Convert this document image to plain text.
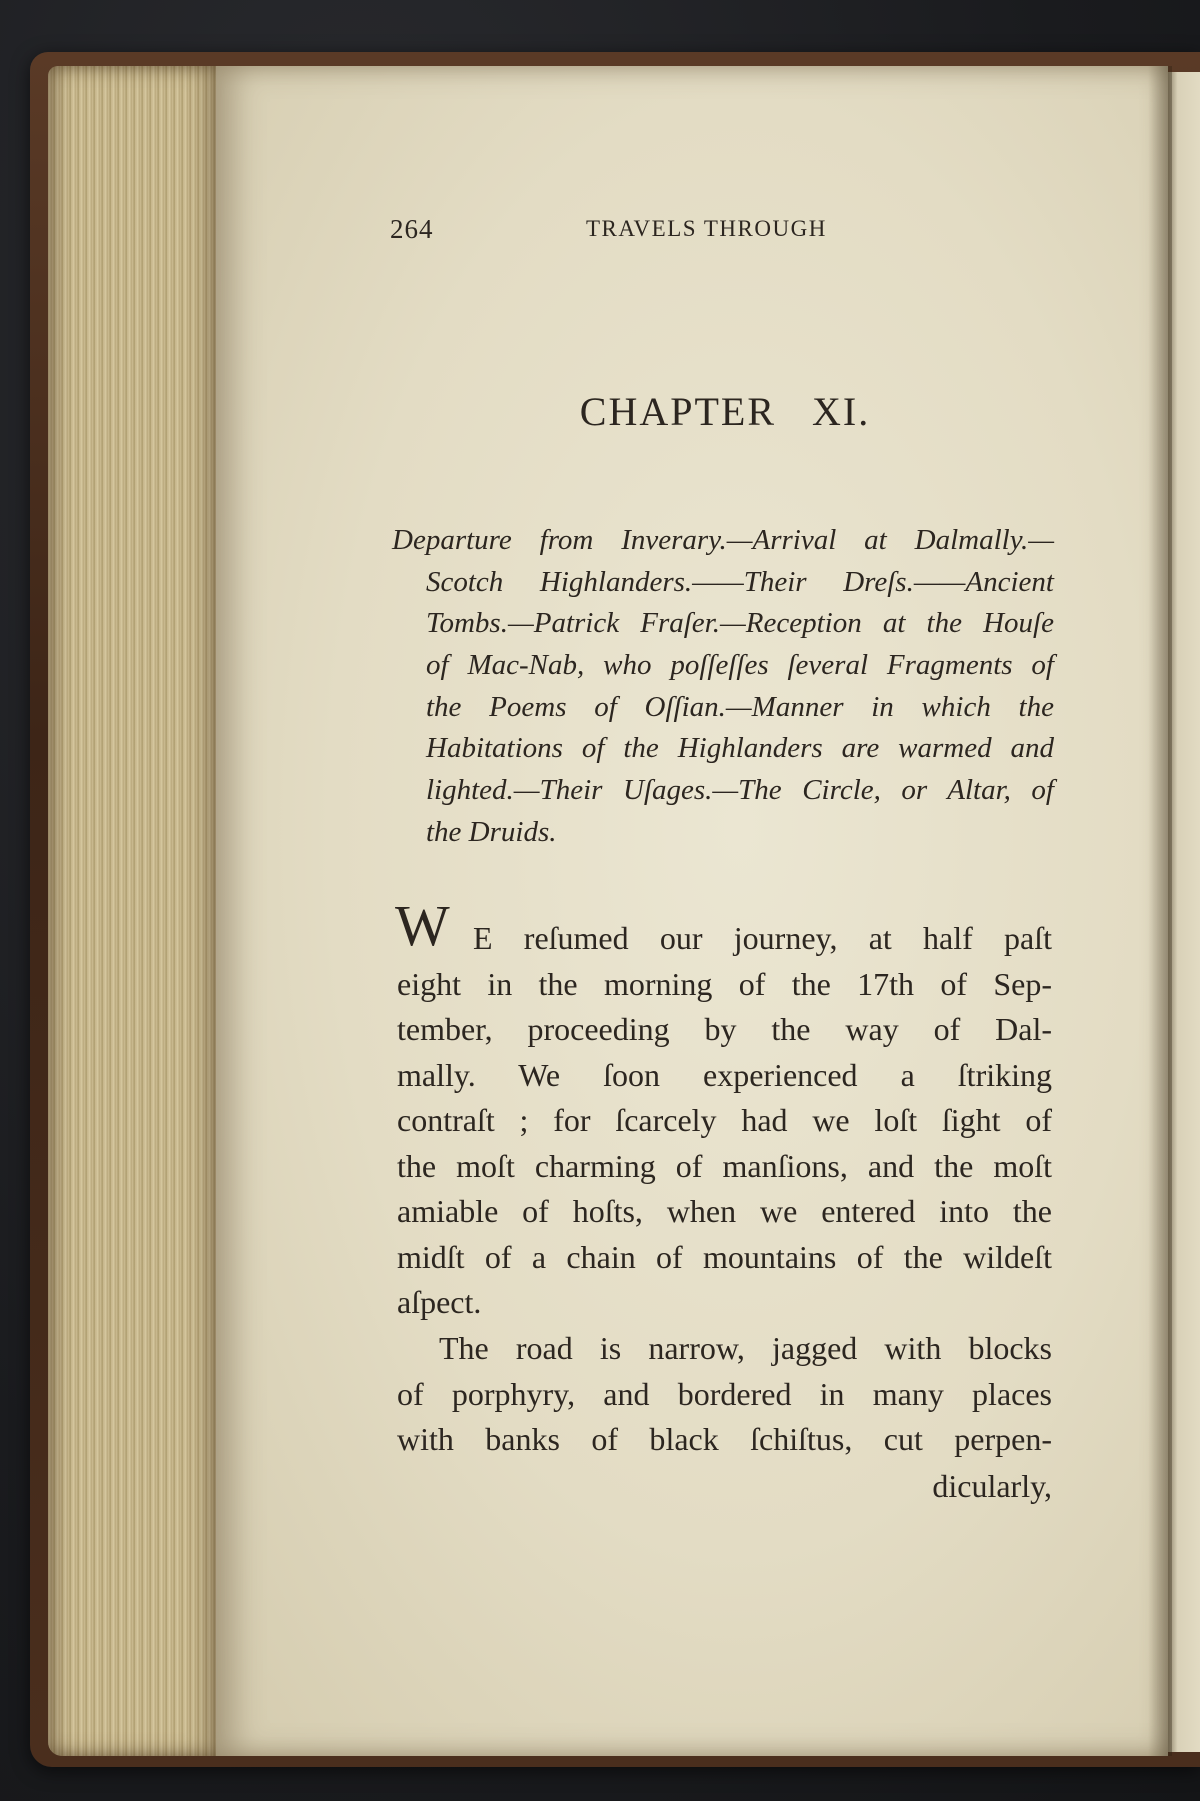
264	TRAVELS THROUGH
CHAPTER   XI.
Departure from Inverary.—Arrival at Dalmally.—
Scotch Highlanders.——Their Dreſs.——Ancient
Tombs.—Patrick Fraſer.—Reception at the Houſe
of Mac-Nab, who poſſeſſes ſeveral Fragments of
the Poems of Oſſian.—Manner in which the
Habitations of the Highlanders are warmed and
lighted.—Their Uſages.—The Circle, or Altar, of
the Druids.
W E reſumed our journey, at half paſt
eight in the morning of the 17th of Sep-
tember, proceeding by the way of Dal-
mally. We ſoon experienced a ſtriking
contraſt ; for ſcarcely had we loſt ſight of
the moſt charming of manſions, and the moſt
amiable of hoſts, when we entered into the
midſt of a chain of mountains of the wildeſt
aſpect.
The road is narrow, jagged with blocks
of porphyry, and bordered in many places
with banks of black ſchiſtus, cut perpen-
dicularly,
